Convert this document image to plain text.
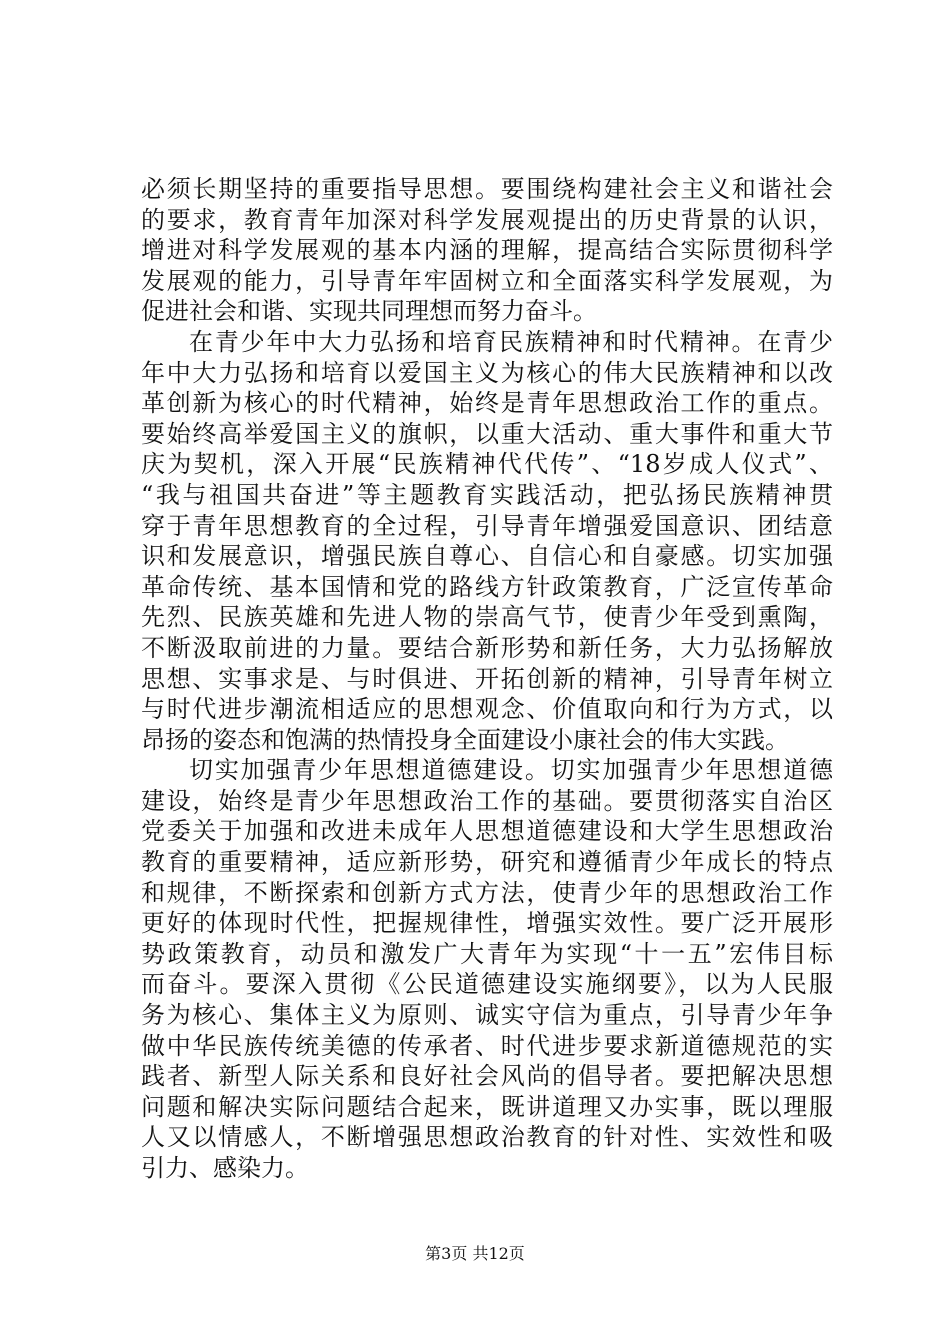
必须长期坚持的重要指导思想。要围绕构建社会主义和谐社会
的要求，教育青年加深对科学发展观提出的历史背景的认识，
增进对科学发展观的基本内涵的理解，提高结合实际贯彻科学
发展观的能力，引导青年牢固树立和全面落实科学发展观，为
促进社会和谐、实现共同理想而努力奋斗。
在青少年中大力弘扬和培育民族精神和时代精神。在青少
年中大力弘扬和培育以爱国主义为核心的伟大民族精神和以改
革创新为核心的时代精神，始终是青年思想政治工作的重点。
要始终高举爱国主义的旗帜，以重大活动、重大事件和重大节
庆为契机，深入开展“民族精神代代传”、“18岁成人仪式”、
“我与祖国共奋进”等主题教育实践活动，把弘扬民族精神贯
穿于青年思想教育的全过程，引导青年增强爱国意识、团结意
识和发展意识，增强民族自尊心、自信心和自豪感。切实加强
革命传统、基本国情和党的路线方针政策教育，广泛宣传革命
先烈、民族英雄和先进人物的崇高气节，使青少年受到熏陶，
不断汲取前进的力量。要结合新形势和新任务，大力弘扬解放
思想、实事求是、与时俱进、开拓创新的精神，引导青年树立
与时代进步潮流相适应的思想观念、价值取向和行为方式，以
昂扬的姿态和饱满的热情投身全面建设小康社会的伟大实践。
切实加强青少年思想道德建设。切实加强青少年思想道德
建设，始终是青少年思想政治工作的基础。要贯彻落实自治区
党委关于加强和改进未成年人思想道德建设和大学生思想政治
教育的重要精神，适应新形势，研究和遵循青少年成长的特点
和规律，不断探索和创新方式方法，使青少年的思想政治工作
更好的体现时代性，把握规律性，增强实效性。要广泛开展形
势政策教育，动员和激发广大青年为实现“十一五”宏伟目标
而奋斗。要深入贯彻《公民道德建设实施纲要》，以为人民服
务为核心、集体主义为原则、诚实守信为重点，引导青少年争
做中华民族传统美德的传承者、时代进步要求新道德规范的实
践者、新型人际关系和良好社会风尚的倡导者。要把解决思想
问题和解决实际问题结合起来，既讲道理又办实事，既以理服
人又以情感人，不断增强思想政治教育的针对性、实效性和吸
引力、感染力。
第3页 共12页
